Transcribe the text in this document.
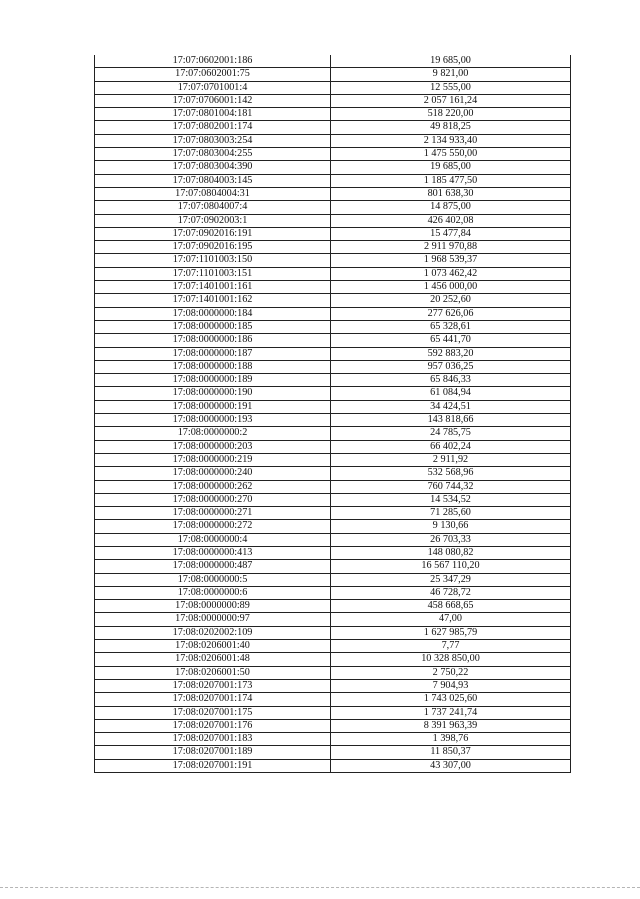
17:07:0602001:186	19 685,00
17:07:0602001:75	9 821,00
17:07:0701001:4	12 555,00
17:07:0706001:142	2 057 161,24
17:07:0801004:181	518 220,00
17:07:0802001:174	49 818,25
17:07:0803003:254	2 134 933,40
17:07:0803004:255	1 475 550,00
17:07:0803004:390	19 685,00
17:07:0804003:145	1 185 477,50
17:07:0804004:31	801 638,30
17:07:0804007:4	14 875,00
17:07:0902003:1	426 402,08
17:07:0902016:191	15 477,84
17:07:0902016:195	2 911 970,88
17:07:1101003:150	1 968 539,37
17:07:1101003:151	1 073 462,42
17:07:1401001:161	1 456 000,00
17:07:1401001:162	20 252,60
17:08:0000000:184	277 626,06
17:08:0000000:185	65 328,61
17:08:0000000:186	65 441,70
17:08:0000000:187	592 883,20
17:08:0000000:188	957 036,25
17:08:0000000:189	65 846,33
17:08:0000000:190	61 084,94
17:08:0000000:191	34 424,51
17:08:0000000:193	143 818,66
17:08:0000000:2	24 785,75
17:08:0000000:203	66 402,24
17:08:0000000:219	2 911,92
17:08:0000000:240	532 568,96
17:08:0000000:262	760 744,32
17:08:0000000:270	14 534,52
17:08:0000000:271	71 285,60
17:08:0000000:272	9 130,66
17:08:0000000:4	26 703,33
17:08:0000000:413	148 080,82
17:08:0000000:487	16 567 110,20
17:08:0000000:5	25 347,29
17:08:0000000:6	46 728,72
17:08:0000000:89	458 668,65
17:08:0000000:97	47,00
17:08:0202002:109	1 627 985,79
17:08:0206001:40	7,77
17:08:0206001:48	10 328 850,00
17:08:0206001:50	2 750,22
17:08:0207001:173	7 904,93
17:08:0207001:174	1 743 025,60
17:08:0207001:175	1 737 241,74
17:08:0207001:176	8 391 963,39
17:08:0207001:183	1 398,76
17:08:0207001:189	11 850,37
17:08:0207001:191	43 307,00
